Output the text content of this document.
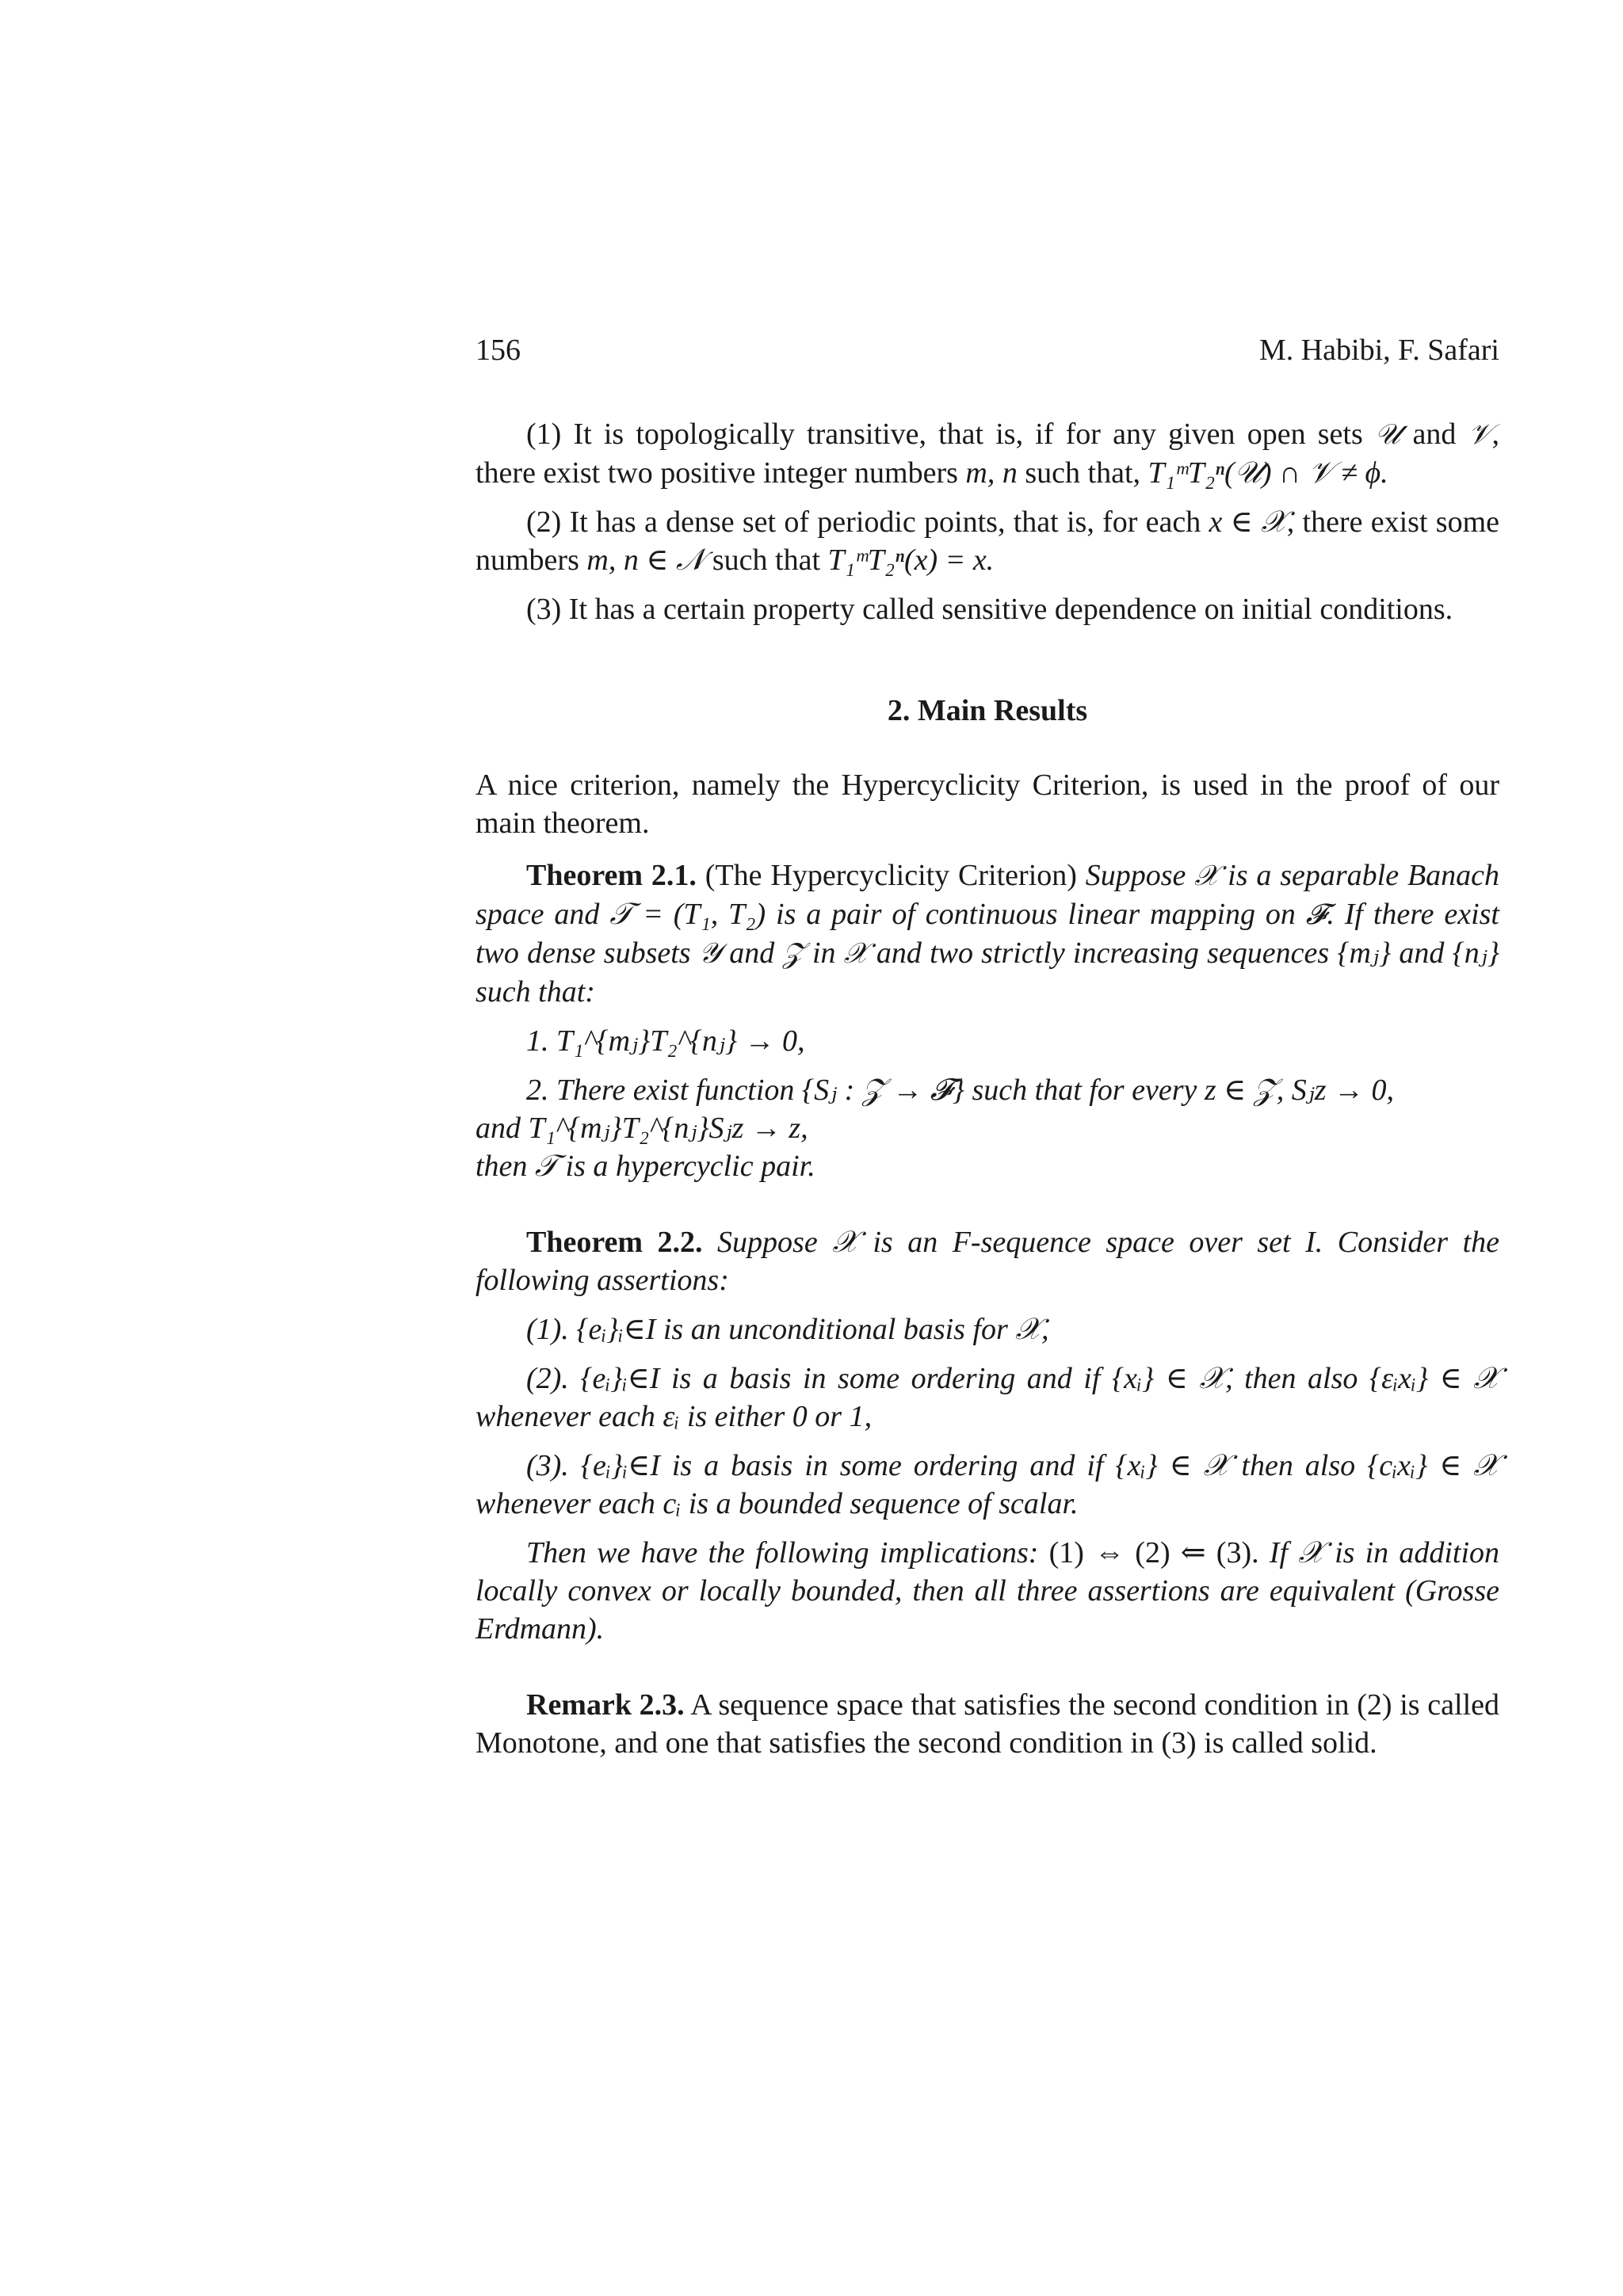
156	M. Habibi, F. Safari

(1) It is topologically transitive, that is, if for any given open sets 𝒰 and 𝒱, there exist two positive integer numbers m, n such that, T₁ᵐT₂ⁿ(𝒰) ∩ 𝒱 ≠ ϕ.

(2) It has a dense set of periodic points, that is, for each x ∈ 𝒳, there exist some numbers m, n ∈ 𝒩 such that T₁ᵐT₂ⁿ(x) = x.

(3) It has a certain property called sensitive dependence on initial conditions.

2. Main Results

A nice criterion, namely the Hypercyclicity Criterion, is used in the proof of our main theorem.

Theorem 2.1. (The Hypercyclicity Criterion) Suppose 𝒳 is a separable Banach space and 𝒯 = (T₁, T₂) is a pair of continuous linear mapping on 𝓕. If there exist two dense subsets 𝒴 and 𝒵 in 𝒳 and two strictly increasing sequences {mⱼ} and {nⱼ} such that:

1. T₁^{mⱼ}T₂^{nⱼ} → 0,

2. There exist function {Sⱼ : 𝒵 → 𝓕} such that for every z ∈ 𝒵, Sⱼz → 0,

and T₁^{mⱼ}T₂^{nⱼ}Sⱼz → z,

then 𝒯 is a hypercyclic pair.

Theorem 2.2. Suppose 𝒳 is an F-sequence space over set I. Consider the following assertions:

(1). {eᵢ}ᵢ∈I is an unconditional basis for 𝒳,

(2). {eᵢ}ᵢ∈I is a basis in some ordering and if {xᵢ} ∈ 𝒳, then also {εᵢxᵢ} ∈ 𝒳 whenever each εᵢ is either 0 or 1,

(3). {eᵢ}ᵢ∈I is a basis in some ordering and if {xᵢ} ∈ 𝒳 then also {cᵢxᵢ} ∈ 𝒳 whenever each cᵢ is a bounded sequence of scalar.

Then we have the following implications: (1) ⇔ (2) ⇐ (3). If 𝒳 is in addition locally convex or locally bounded, then all three assertions are equivalent (Grosse Erdmann).

Remark 2.3. A sequence space that satisfies the second condition in (2) is called Monotone, and one that satisfies the second condition in (3) is called solid.
